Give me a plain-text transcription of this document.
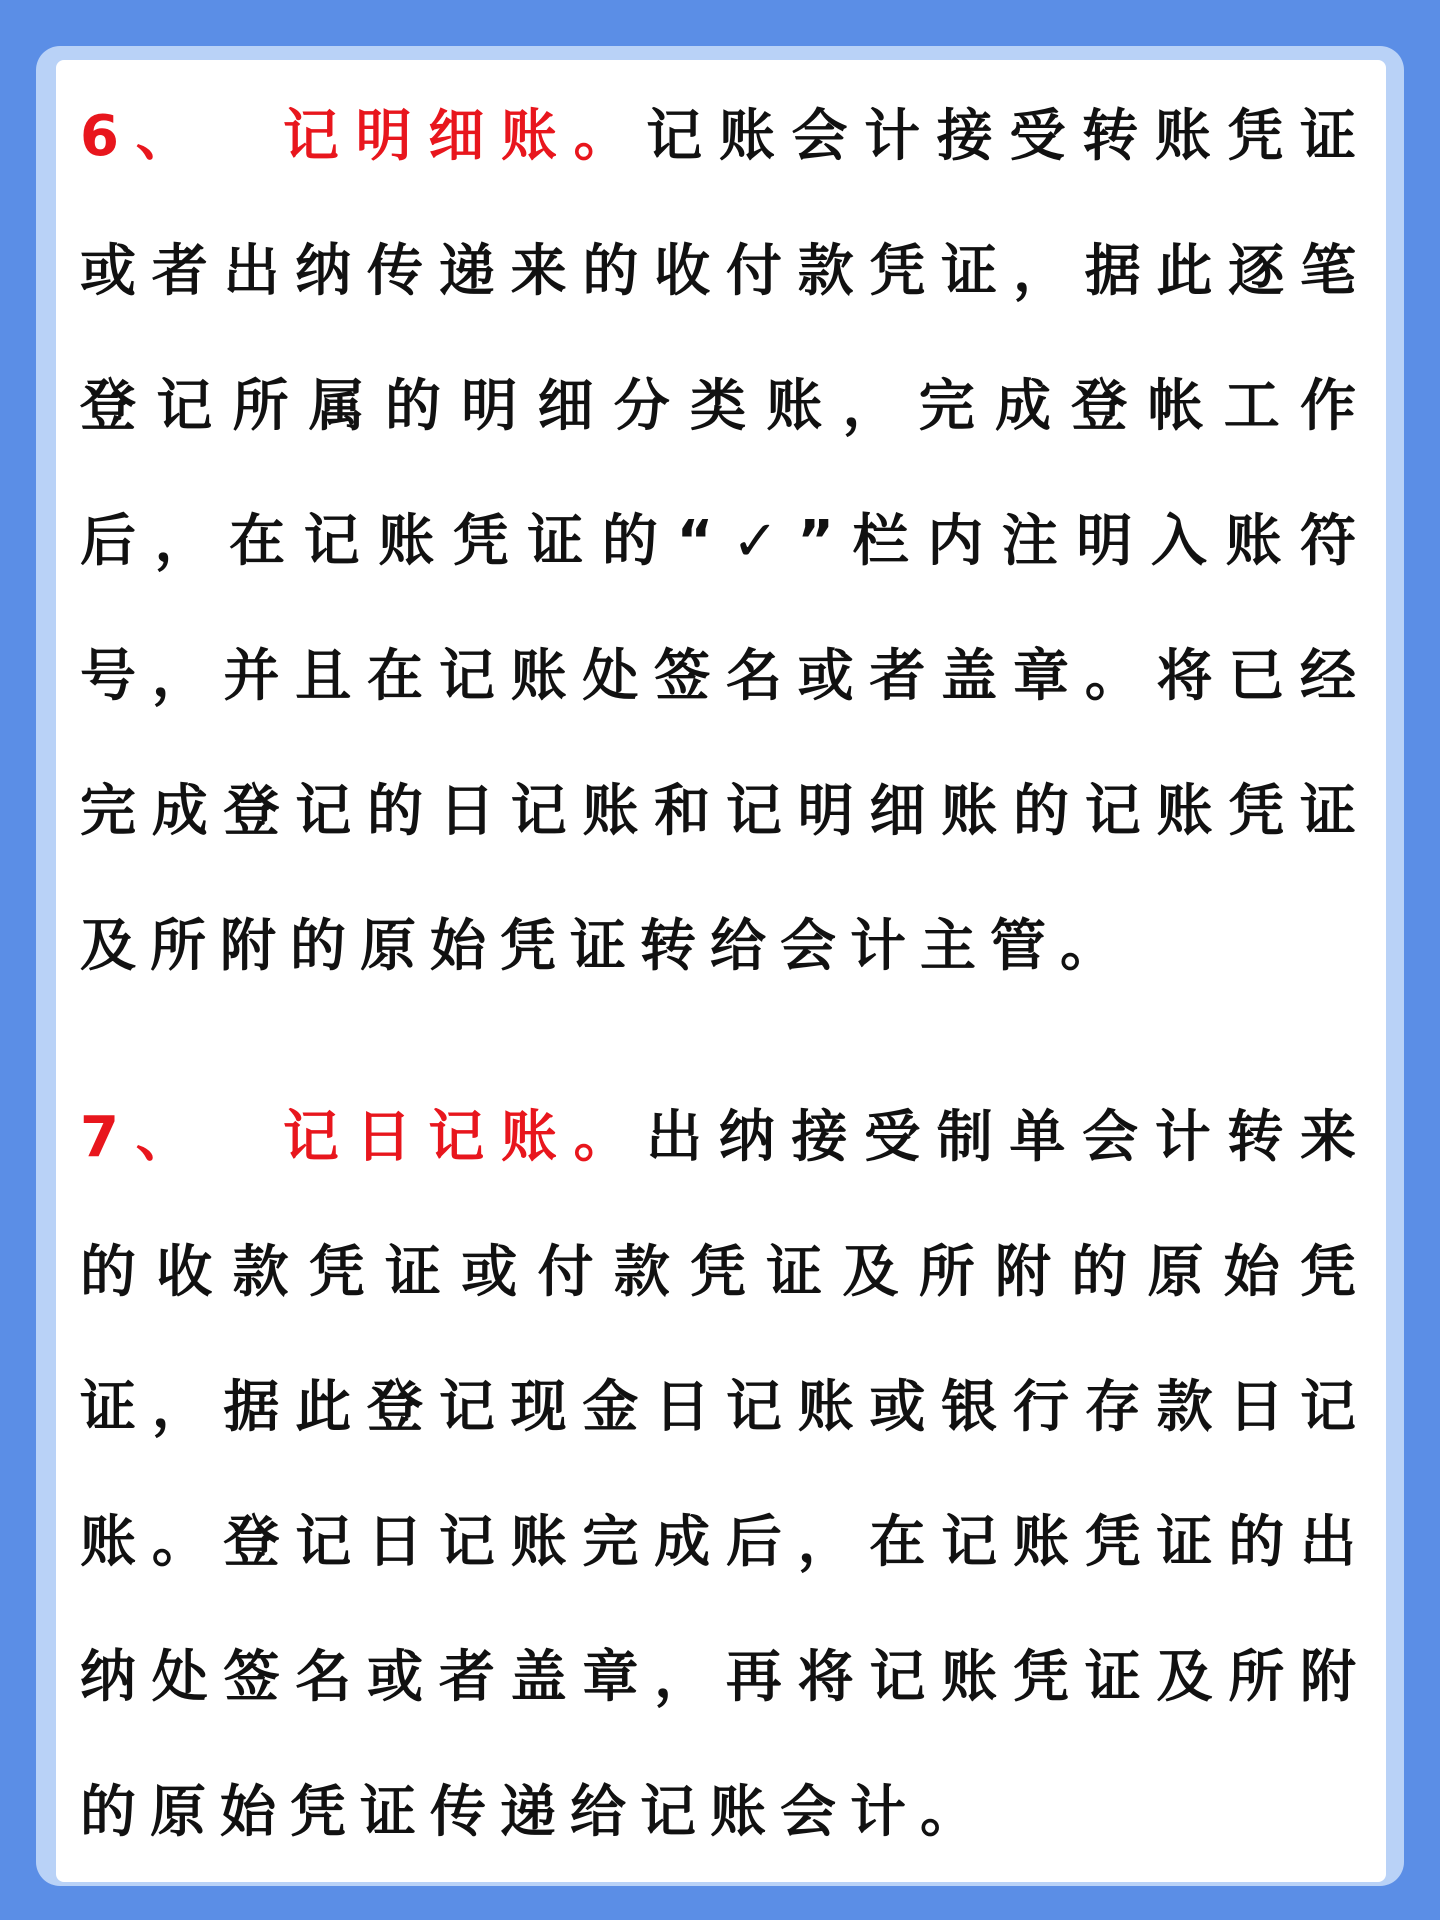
6、 记明细账。记账会计接受转账凭证或者出纳传递来的收付款凭证，据此逐笔登记所属的明细分类账，完成登帐工作后，在记账凭证的“✓”栏内注明入账符号，并且在记账处签名或者盖章。将已经完成登记的日记账和记明细账的记账凭证及所附的原始凭证转给会计主管。
7、 记日记账。出纳接受制单会计转来的收款凭证或付款凭证及所附的原始凭证，据此登记现金日记账或银行存款日记账。登记日记账完成后，在记账凭证的出纳处签名或者盖章，再将记账凭证及所附的原始凭证传递给记账会计。
